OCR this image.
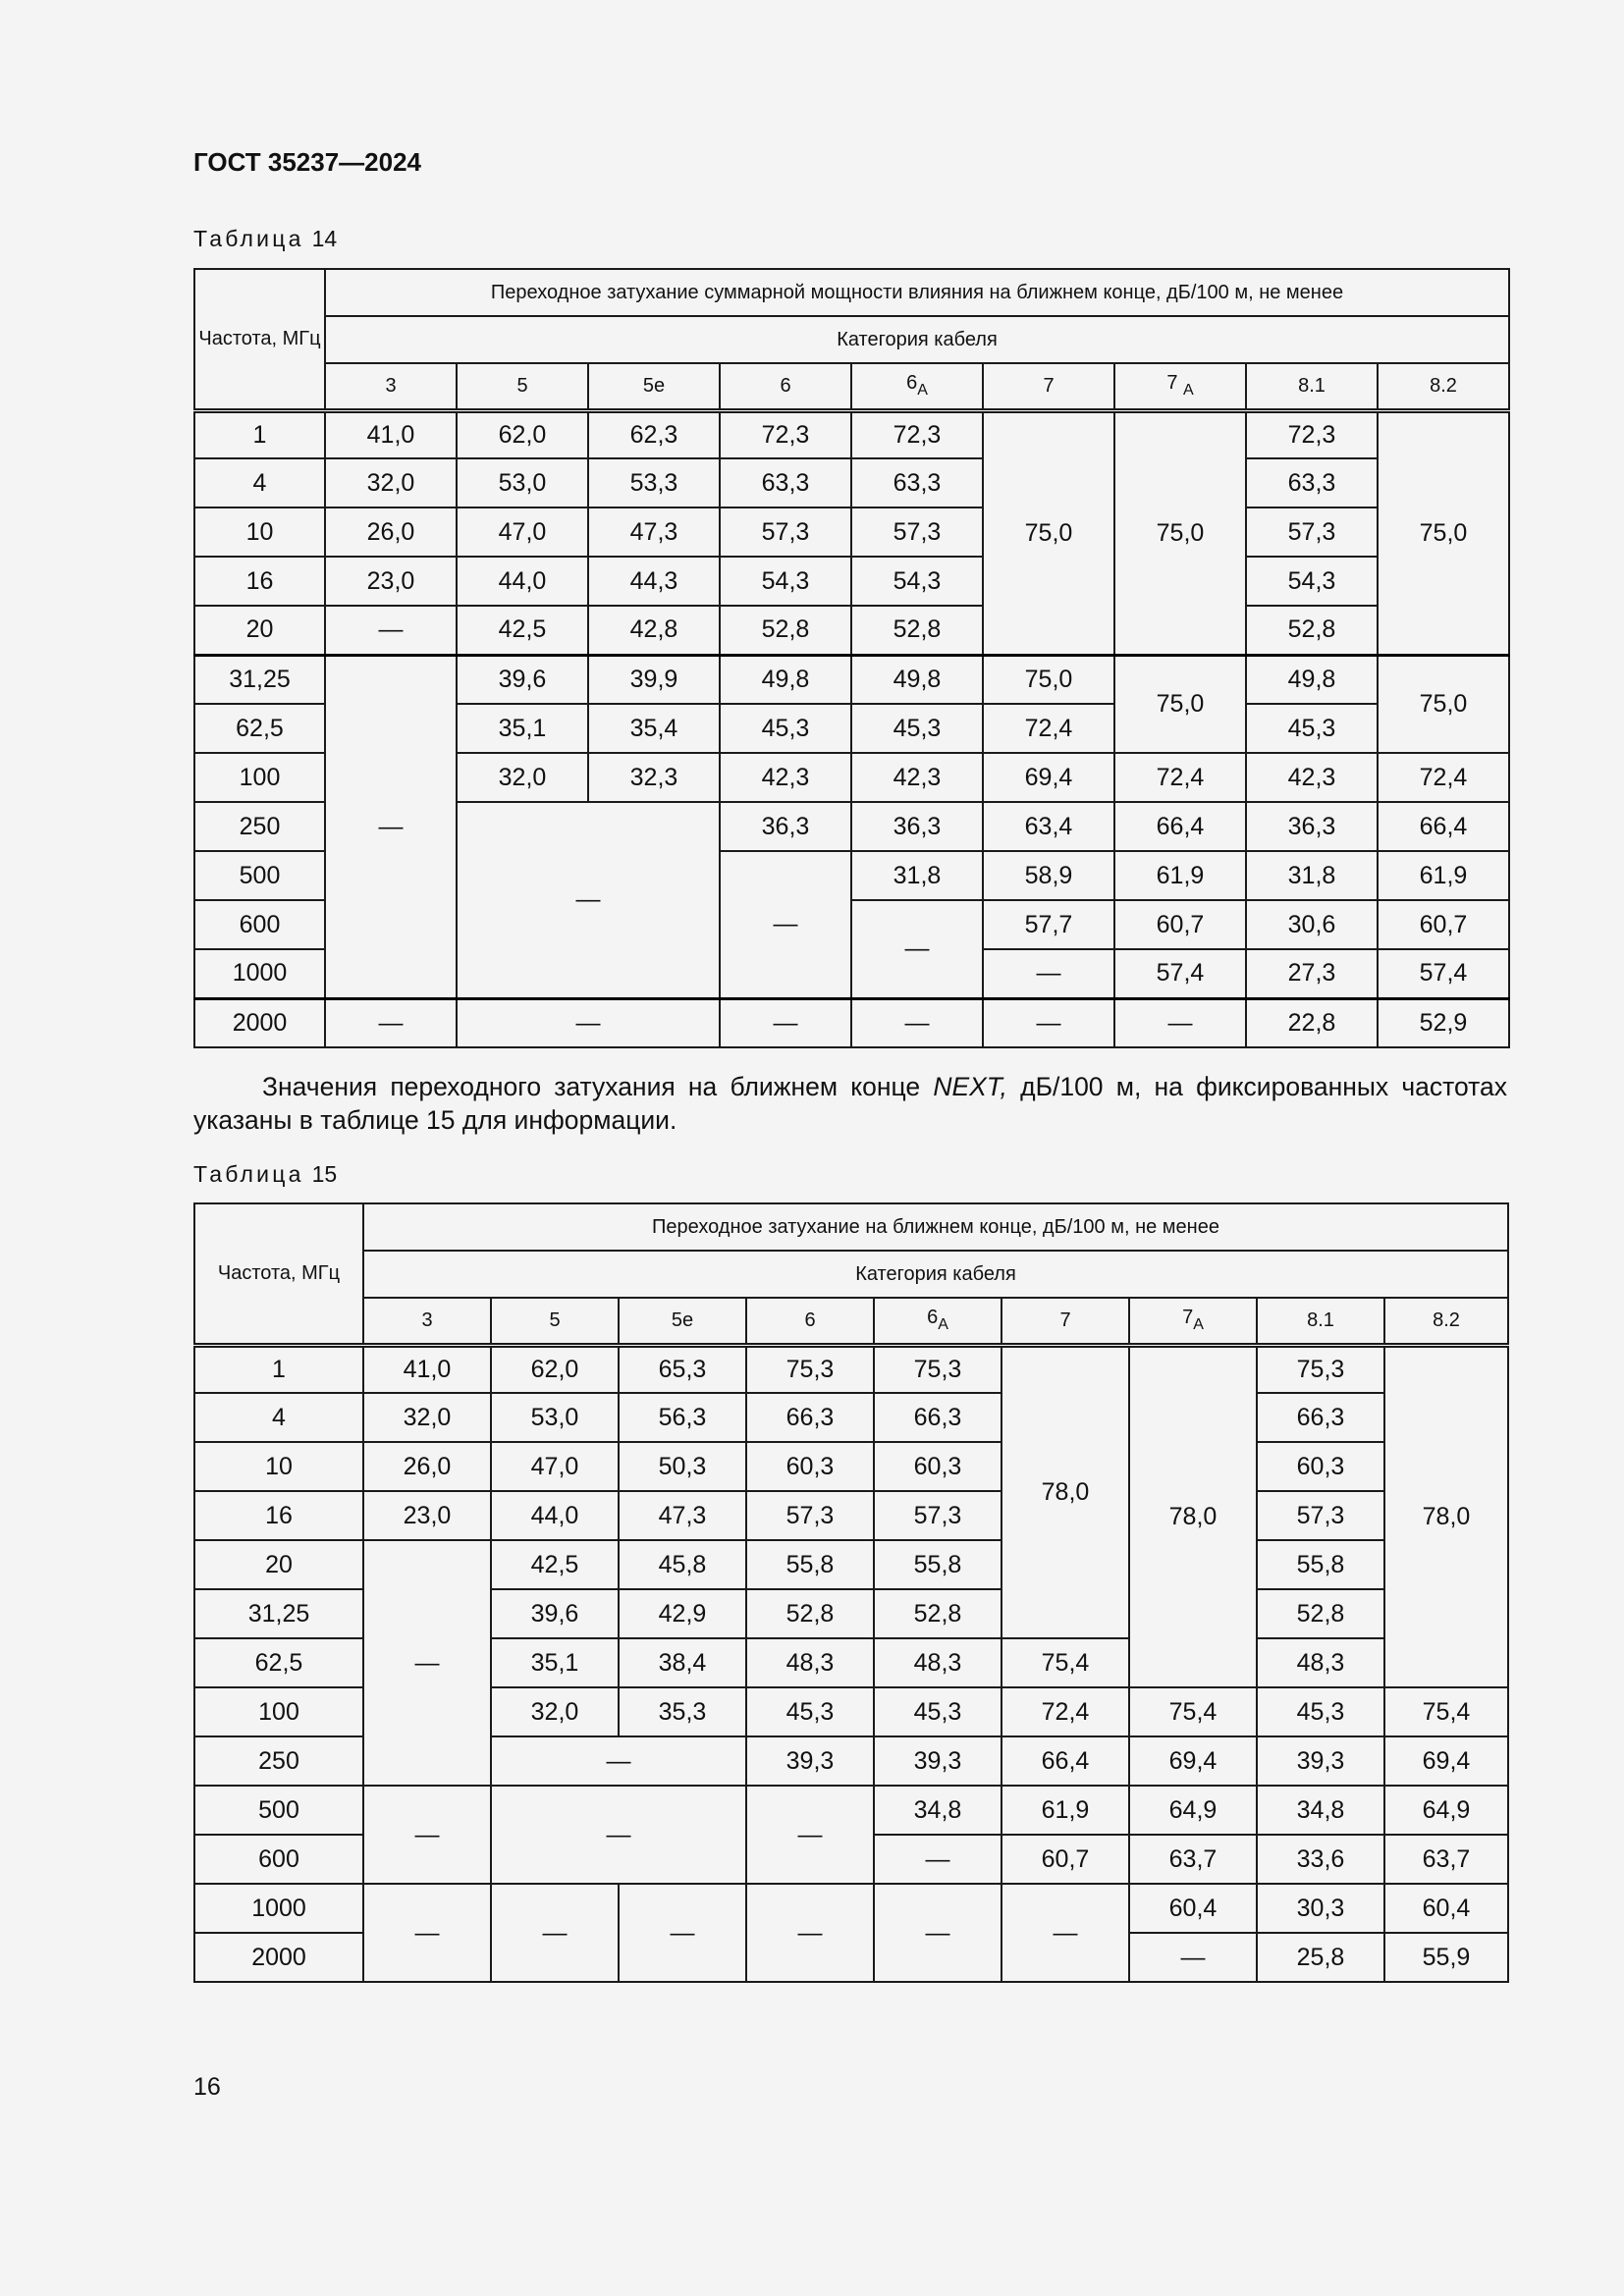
ГОСТ 35237—2024
Таблица 14
Частота, МГц	Переходное затухание суммарной мощности влияния на ближнем конце, дБ/100 м, не менее								
	Категория кабеля								
	3	5	5е	6	$6_A$	7	7 $_A$	8.1	8.2
1	41,0	62,0	62,3	72,3	72,3	75,0	75,0	72,3	75,0
4	32,0	53,0	53,3	63,3	63,3			63,3	
10	26,0	47,0	47,3	57,3	57,3			57,3	
16	23,0	44,0	44,3	54,3	54,3			54,3	
20	—	42,5	42,8	52,8	52,8			52,8	
31,25	—	39,6	39,9	49,8	49,8	75,0	75,0	49,8	75,0
62,5		35,1	35,4	45,3	45,3	72,4		45,3	
100		32,0	32,3	42,3	42,3	69,4	72,4	42,3	72,4
250		—		36,3	36,3	63,4	66,4	36,3	66,4
500				—	31,8	58,9	61,9	31,8	61,9
600					—	57,7	60,7	30,6	60,7
1000						—	57,4	27,3	57,4
2000	—	—		—	—	—	—	22,8	52,9
Значения переходного затухания на ближнем конце NEXT, дБ/100 м, на фиксированных частотах указаны в таблице 15 для информации.
Таблица 15
Частота, МГц	Переходное затухание на ближнем конце, дБ/100 м, не менее								
	Категория кабеля								
	3	5	5е	6	$6_A$	7	$7_A$	8.1	8.2
1	41,0	62,0	65,3	75,3	75,3	78,0	78,0	75,3	78,0
4	32,0	53,0	56,3	66,3	66,3			66,3	
10	26,0	47,0	50,3	60,3	60,3			60,3	
16	23,0	44,0	47,3	57,3	57,3			57,3	
20	—	42,5	45,8	55,8	55,8			55,8	
31,25		39,6	42,9	52,8	52,8			52,8	
62,5		35,1	38,4	48,3	48,3	75,4		48,3	
100		32,0	35,3	45,3	45,3	72,4	75,4	45,3	75,4
250		—		39,3	39,3	66,4	69,4	39,3	69,4
500	—	—		—	34,8	61,9	64,9	34,8	64,9
600					—	60,7	63,7	33,6	63,7
1000	—	—	—	—	—	—	60,4	30,3	60,4
2000							—	25,8	55,9
16
